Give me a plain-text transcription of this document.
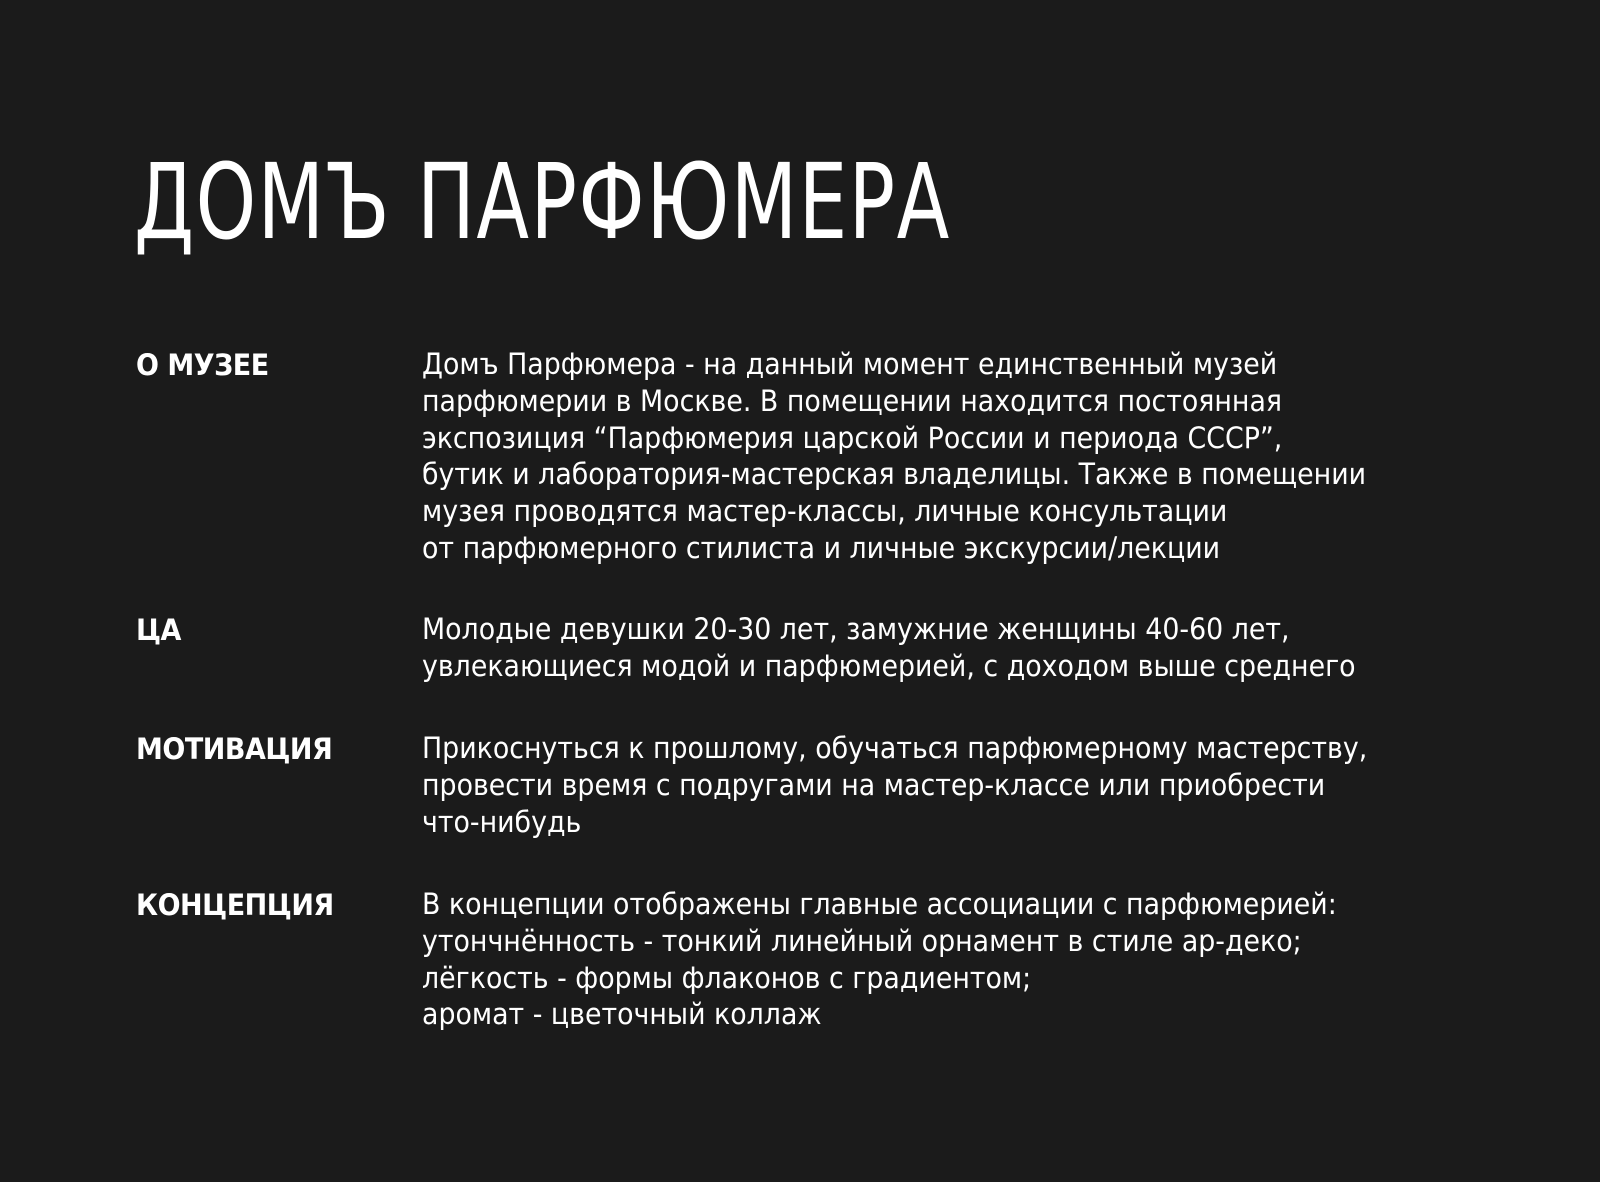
ДОМЪ ПАРФЮМЕРА
О МУЗЕЕ	Домъ Парфюмера - на данный момент единственный музей
парфюмерии в Москве. В помещении находится постоянная
экспозиция “Парфюмерия царской России и периода СССР”,
бутик и лаборатория-мастерская владелицы. Также в помещении
музея проводятся мастер-классы, личные консультации
от парфюмерного стилиста и личные экскурсии/лекции
ЦА	Молодые девушки 20-30 лет, замужние женщины 40-60 лет,
увлекающиеся модой и парфюмерией, с доходом выше среднего
МОТИВАЦИЯ	Прикоснуться к прошлому, обучаться парфюмерному мастерству,
провести время с подругами на мастер-классе или приобрести
что-нибудь
КОНЦЕПЦИЯ	В концепции отображены главные ассоциации с парфюмерией:
утончнённость - тонкий линейный орнамент в стиле ар-деко;
лёгкость - формы флаконов с градиентом;
аромат - цветочный коллаж
